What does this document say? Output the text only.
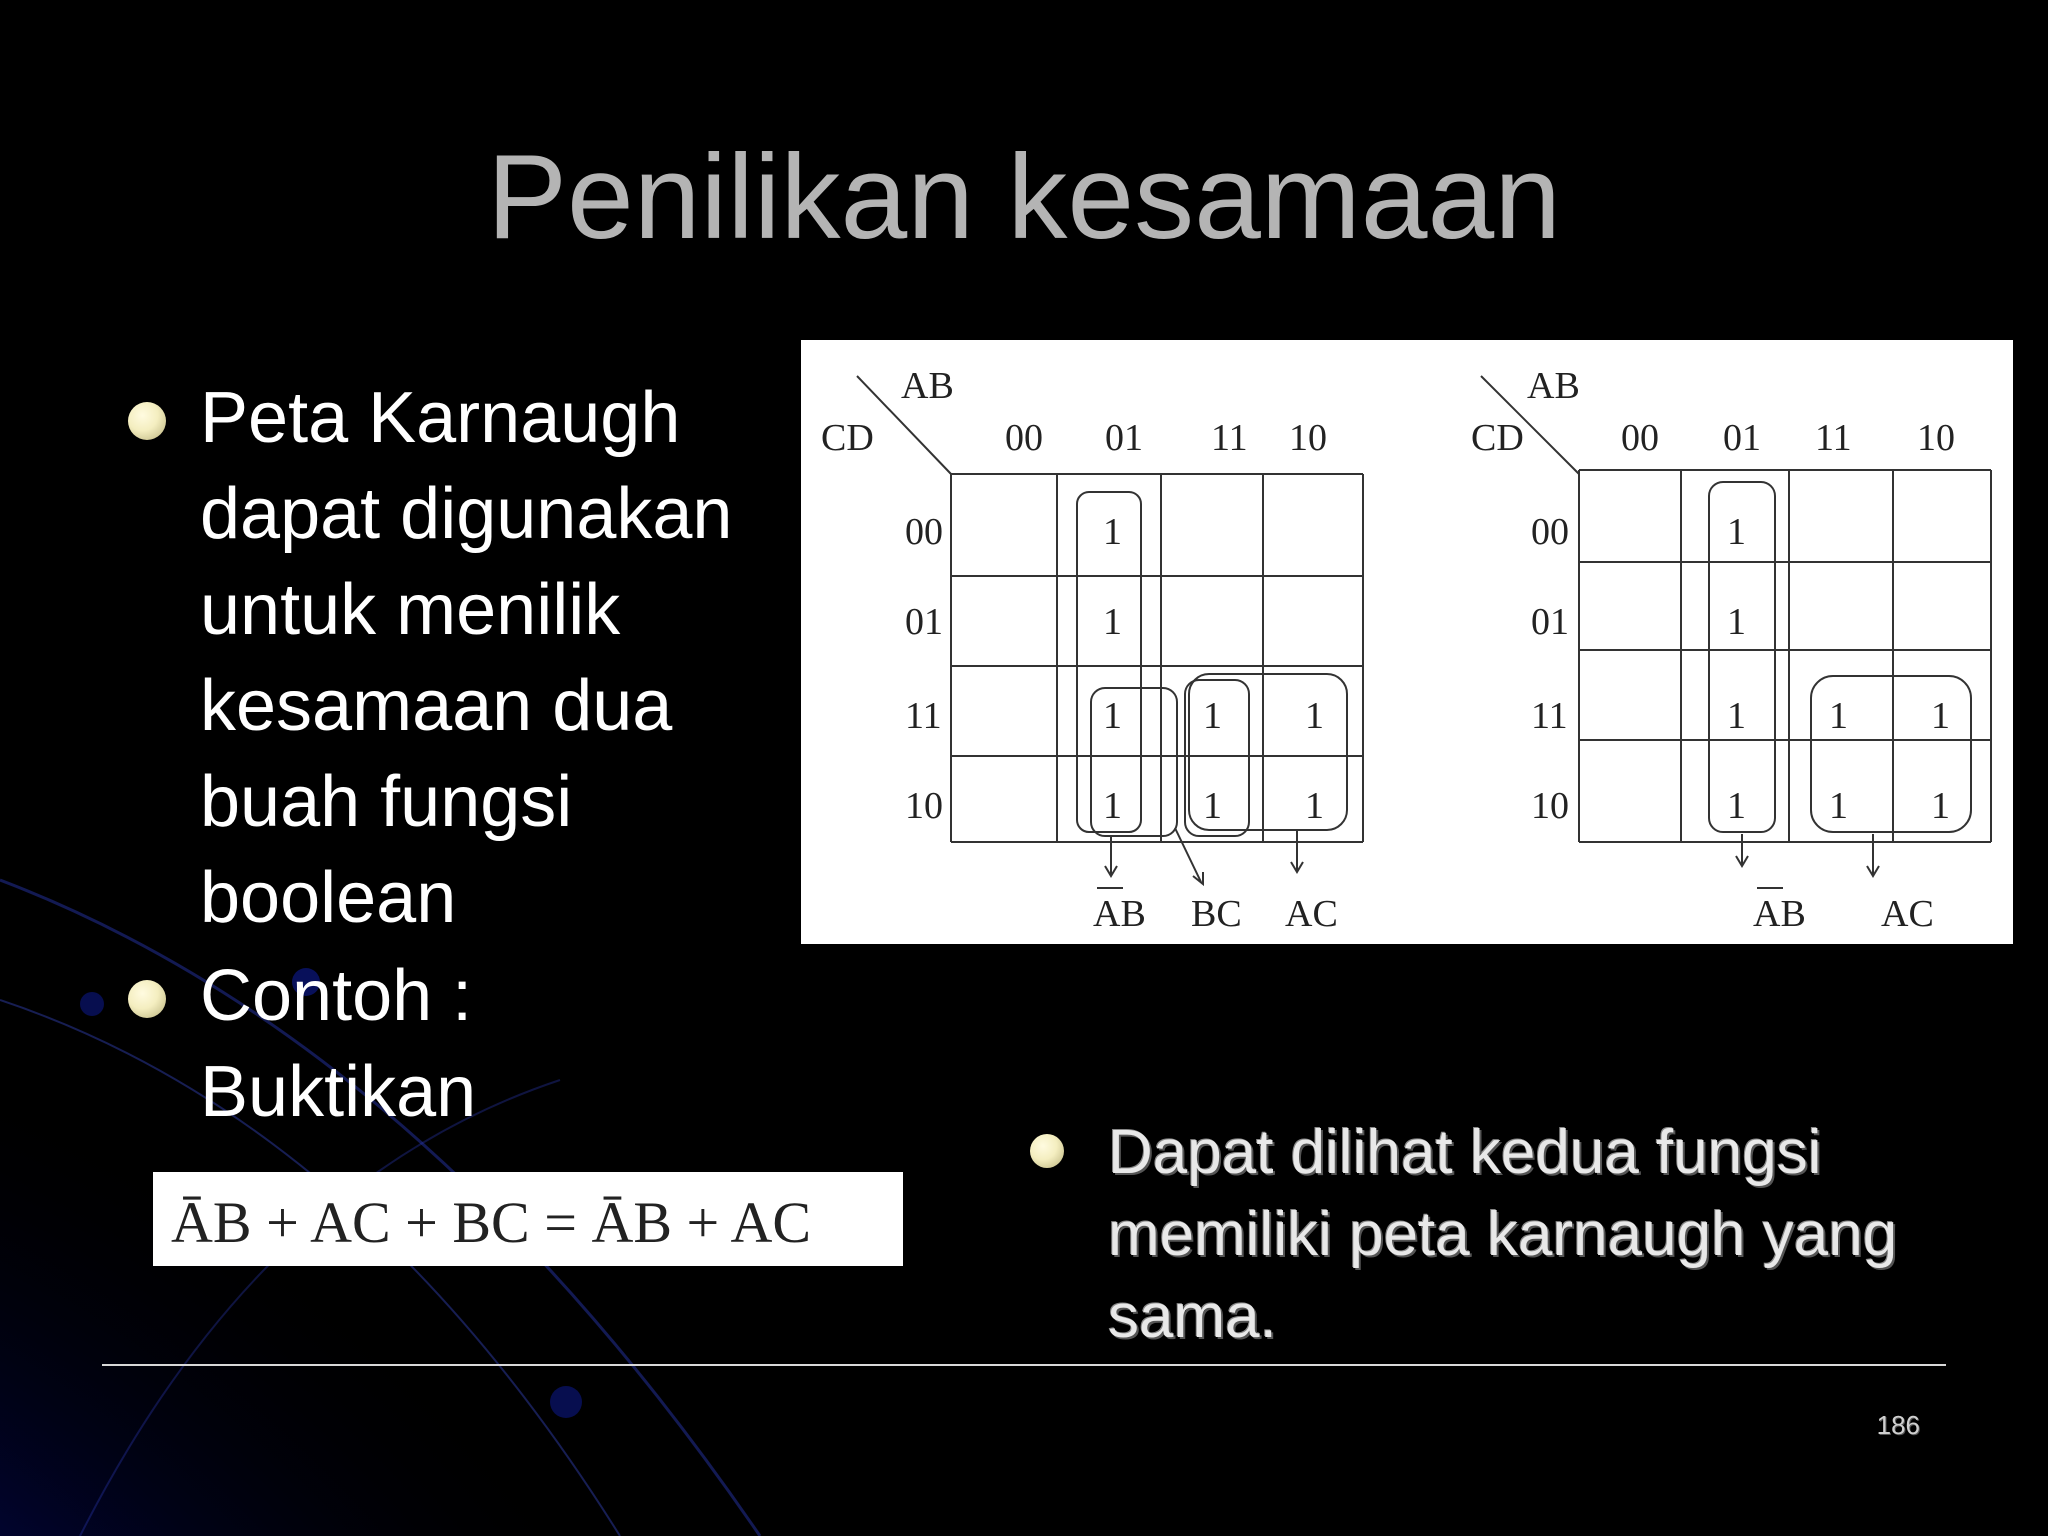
Penilikan kesamaan
Peta Karnaugh dapat digunakan untuk menilik kesamaan dua buah fungsi boolean
Contoh : Buktikan
ĀB + AC + BC = ĀB + AC
AB
CD	00 01 11 10
00
01
11
10
1
1
1 1 1
1 1 1
AB BC AC
AB
CD	00 01 11 10
00
01
11
10
1
1
1 1 1
1 1 1
AB AC
Dapat dilihat kedua fungsi memiliki peta karnaugh yang sama.
186
